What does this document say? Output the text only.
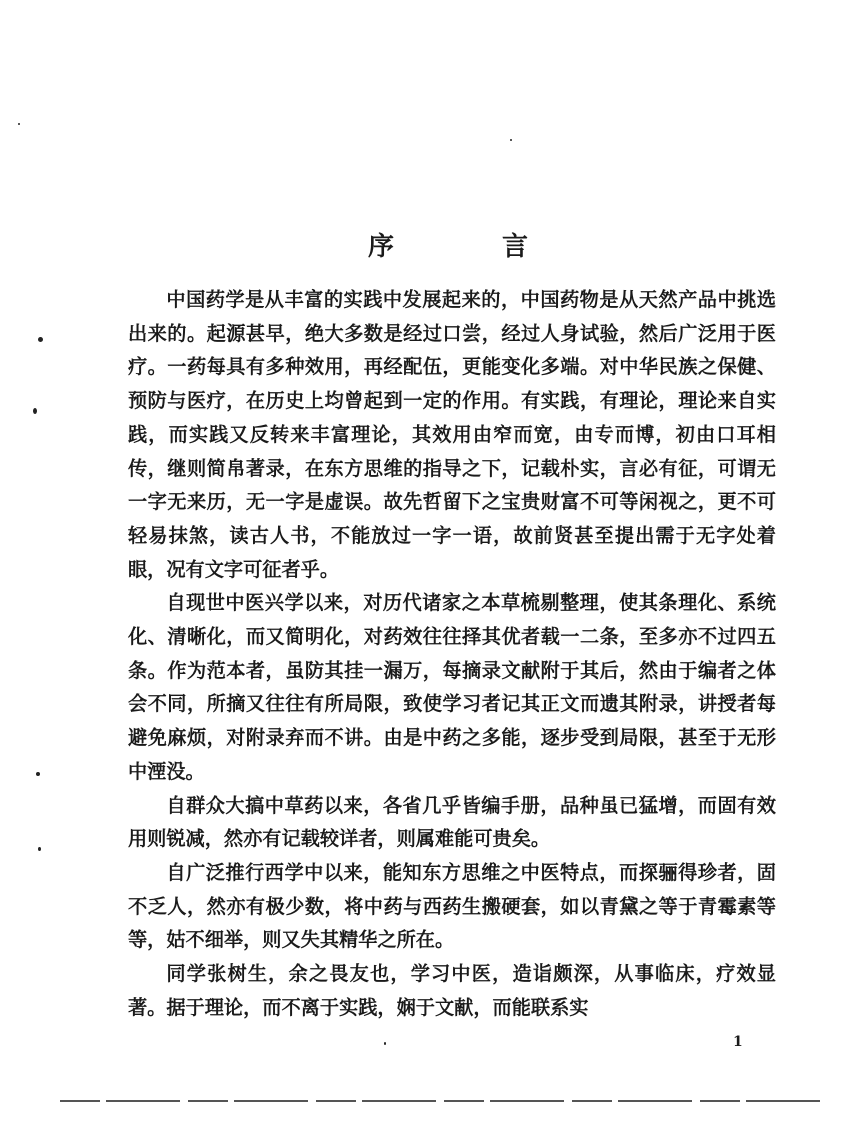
序	言

中国药学是从丰富的实践中发展起来的，中国药物是从天然产品中挑选出来的。起源甚早，绝大多数是经过口尝，经过人身试验，然后广泛用于医疗。一药每具有多种效用，再经配伍，更能变化多端。对中华民族之保健、预防与医疗，在历史上均曾起到一定的作用。有实践，有理论，理论来自实践，而实践又反转来丰富理论，其效用由窄而宽，由专而博，初由口耳相传，继则简帛著录，在东方思维的指导之下，记载朴实，言必有征，可谓无一字无来历，无一字是虚误。故先哲留下之宝贵财富不可等闲视之，更不可轻易抹煞，读古人书，不能放过一字一语，故前贤甚至提出需于无字处着眼，况有文字可征者乎。

自现世中医兴学以来，对历代诸家之本草梳剔整理，使其条理化、系统化、清晰化，而又简明化，对药效往往择其优者载一二条，至多亦不过四五条。作为范本者，虽防其挂一漏万，每摘录文献附于其后，然由于编者之体会不同，所摘又往往有所局限，致使学习者记其正文而遗其附录，讲授者每避免麻烦，对附录弃而不讲。由是中药之多能，逐步受到局限，甚至于无形中湮没。

自群众大搞中草药以来，各省几乎皆编手册，品种虽已猛增，而固有效用则锐减，然亦有记载较详者，则属难能可贵矣。

自广泛推行西学中以来，能知东方思维之中医特点，而探骊得珍者，固不乏人，然亦有极少数，将中药与西药生搬硬套，如以青黛之等于青霉素等等，姑不细举，则又失其精华之所在。

同学张树生，余之畏友也，学习中医，造诣颇深，从事临床，疗效显著。据于理论，而不离于实践，娴于文献，而能联系实

1
